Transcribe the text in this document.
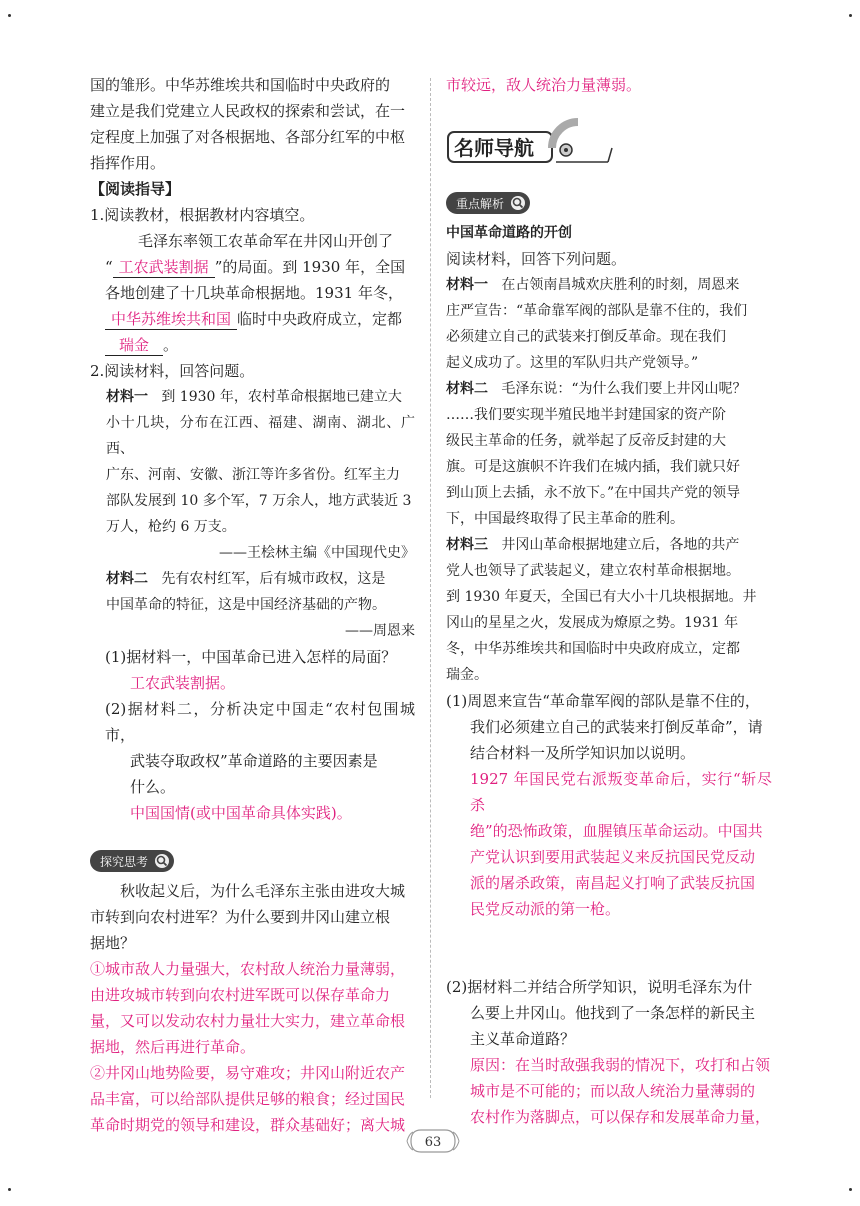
国的雏形。中华苏维埃共和国临时中央政府的

建立是我们党建立人民政权的探索和尝试，在一

定程度上加强了对各根据地、各部分红军的中枢

指挥作用。

【阅读指导】

1.阅读教材，根据教材内容填空。

毛泽东率领工农革命军在井冈山开创了

“ 工农武装割据 ”的局面。到 1930 年，全国

各地创建了十几块革命根据地。1931 年冬，

中华苏维埃共和国 临时中央政府成立，定都

瑞金 。

2.阅读材料，回答问题。

材料一 到 1930 年，农村革命根据地已建立大

小十几块，分布在江西、福建、湖南、湖北、广西、

广东、河南、安徽、浙江等许多省份。红军主力

部队发展到 10 多个军，7 万余人，地方武装近 3

万人，枪约 6 万支。

——王桧林主编《中国现代史》

材料二 先有农村红军，后有城市政权，这是

中国革命的特征，这是中国经济基础的产物。

——周恩来

(1)据材料一，中国革命已进入怎样的局面？

工农武装割据。

(2)据材料二，分析决定中国走“农村包围城市，

武装夺取政权”革命道路的主要因素是

什么。

中国国情(或中国革命具体实践)。

探究思考

秋收起义后，为什么毛泽东主张由进攻大城

市转到向农村进军？为什么要到井冈山建立根

据地？

①城市敌人力量强大，农村敌人统治力量薄弱，

由进攻城市转到向农村进军既可以保存革命力

量，又可以发动农村力量壮大实力，建立革命根

据地，然后再进行革命。

②井冈山地势险要，易守难攻；井冈山附近农产

品丰富，可以给部队提供足够的粮食；经过国民

革命时期党的领导和建设，群众基础好；离大城

市较远，敌人统治力量薄弱。

名师导航
重点解析

中国革命道路的开创

阅读材料，回答下列问题。

材料一 在占领南昌城欢庆胜利的时刻，周恩来

庄严宣告：“革命靠军阀的部队是靠不住的，我们

必须建立自己的武装来打倒反革命。现在我们

起义成功了。这里的军队归共产党领导。”

材料二 毛泽东说：“为什么我们要上井冈山呢？

……我们要实现半殖民地半封建国家的资产阶

级民主革命的任务，就举起了反帝反封建的大

旗。可是这旗帜不许我们在城内插，我们就只好

到山顶上去插，永不放下。”在中国共产党的领导

下，中国最终取得了民主革命的胜利。

材料三 井冈山革命根据地建立后，各地的共产

党人也领导了武装起义，建立农村革命根据地。

到 1930 年夏天，全国已有大小十几块根据地。井

冈山的星星之火，发展成为燎原之势。1931 年

冬，中华苏维埃共和国临时中央政府成立，定都

瑞金。

(1)周恩来宣告“革命靠军阀的部队是靠不住的，

我们必须建立自己的武装来打倒反革命”，请

结合材料一及所学知识加以说明。

1927 年国民党右派叛变革命后，实行“斩尽杀

绝”的恐怖政策，血腥镇压革命运动。中国共

产党认识到要用武装起义来反抗国民党反动

派的屠杀政策，南昌起义打响了武装反抗国

民党反动派的第一枪。

(2)据材料二并结合所学知识，说明毛泽东为什

么要上井冈山。他找到了一条怎样的新民主

主义革命道路？

原因：在当时敌强我弱的情况下，攻打和占领

城市是不可能的；而以敌人统治力量薄弱的

农村作为落脚点，可以保存和发展革命力量，

63
